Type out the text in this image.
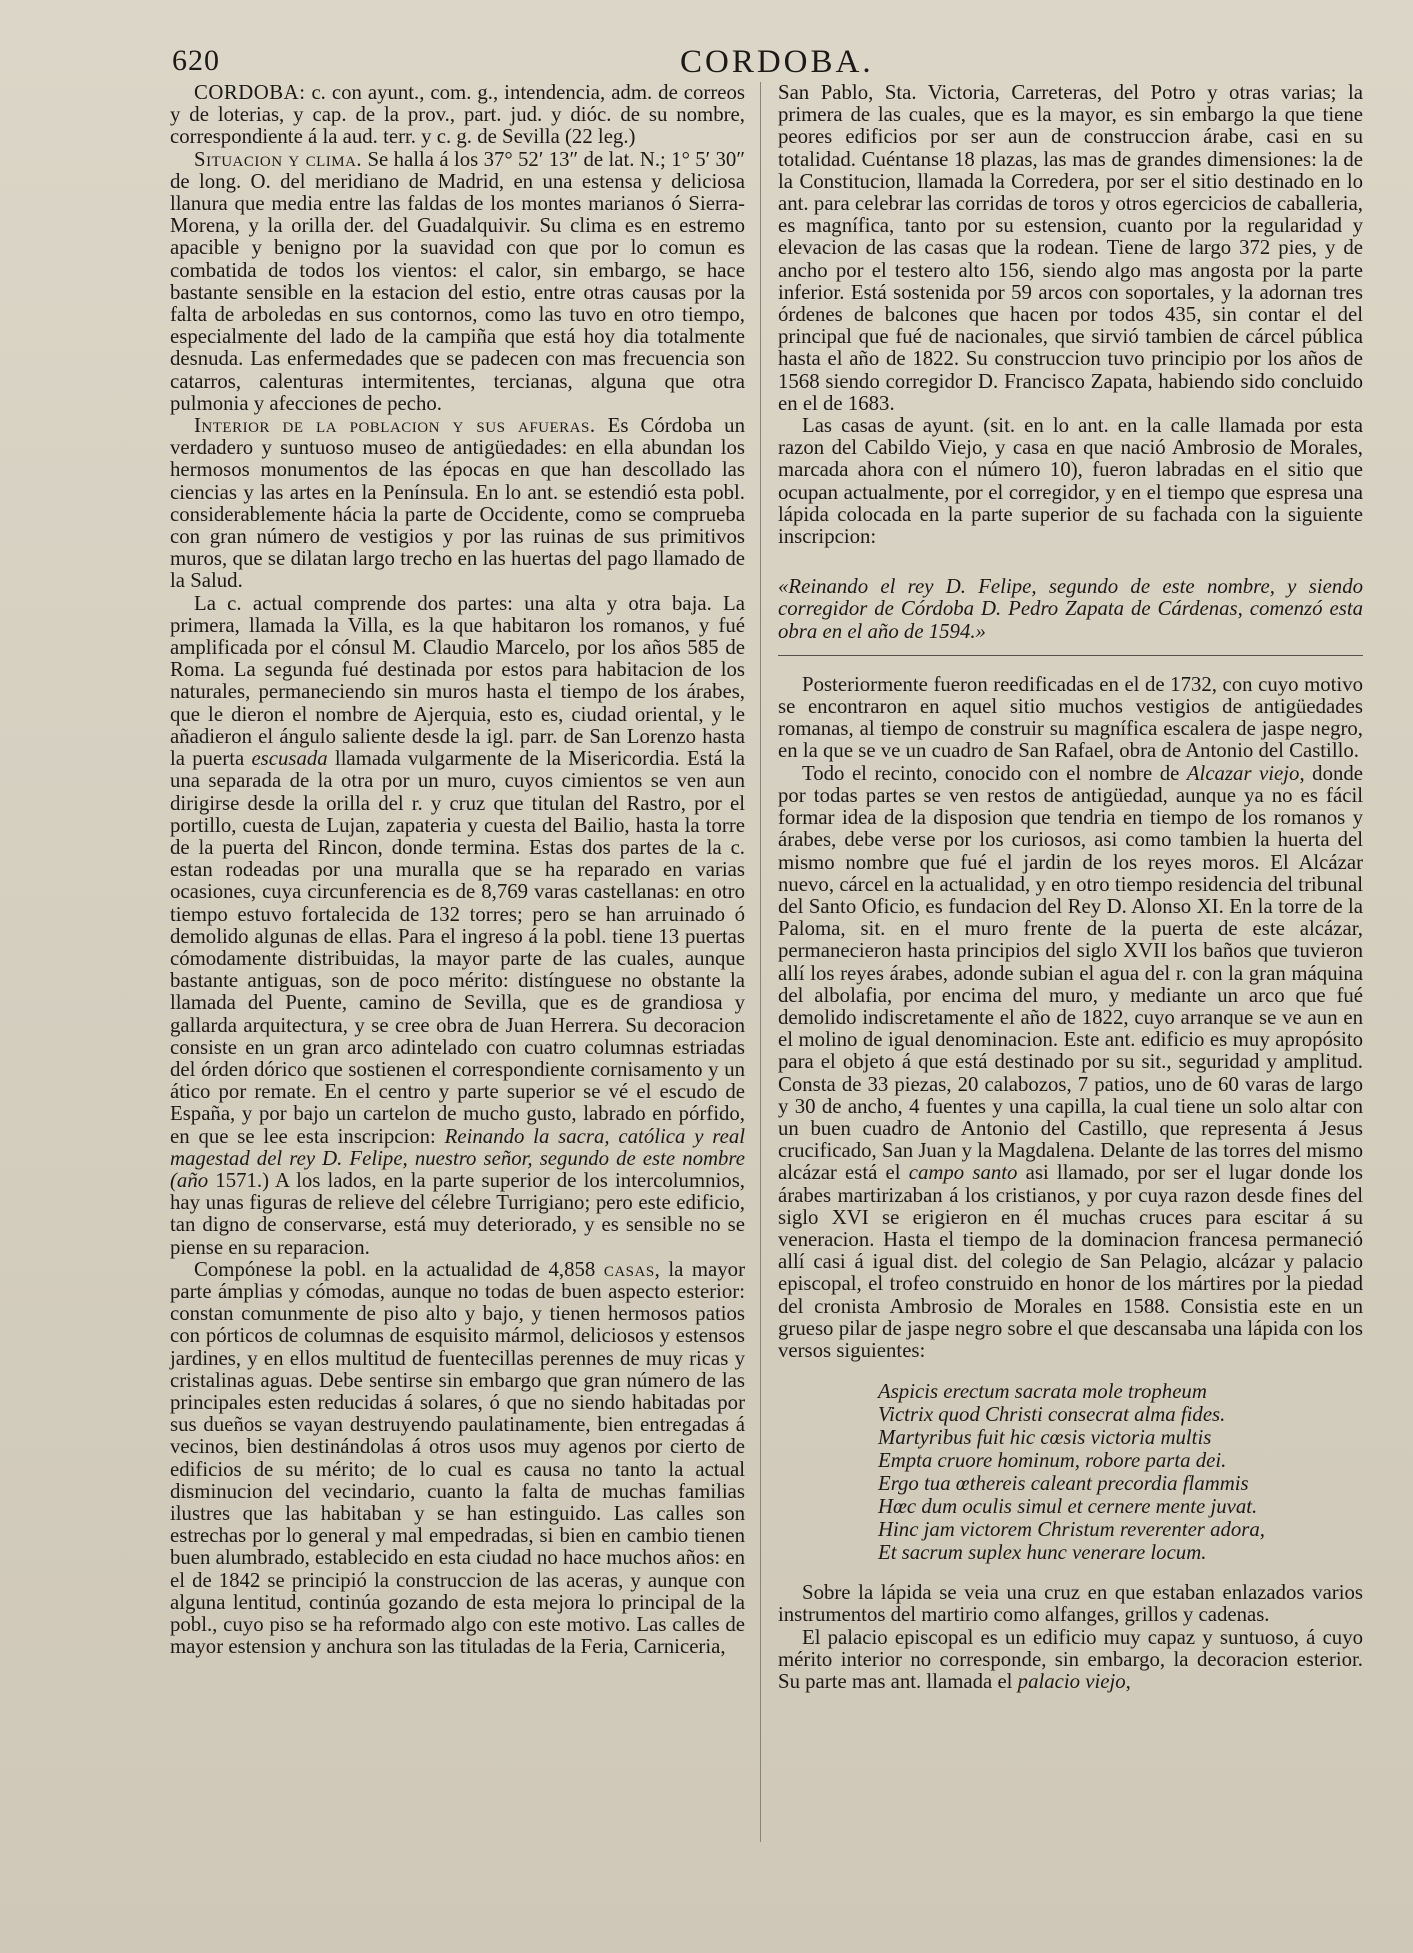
620	CORDOBA.

CORDOBA: c. con ayunt., com. g., intendencia, adm. de correos y de loterias, y cap. de la prov., part. jud. y dióc. de su nombre, correspondiente á la aud. terr. y c. g. de Sevilla (22 leg.)

Situacion y clima. Se halla á los 37° 52′ 13″ de lat. N.; 1° 5′ 30″ de long. O. del meridiano de Madrid, en una estensa y deliciosa llanura que media entre las faldas de los montes marianos ó Sierra-Morena, y la orilla der. del Guadalquivir. Su clima es en estremo apacible y benigno por la suavidad con que por lo comun es combatida de todos los vientos: el calor, sin embargo, se hace bastante sensible en la estacion del estio, entre otras causas por la falta de arboledas en sus contornos, como las tuvo en otro tiempo, especialmente del lado de la campiña que está hoy dia totalmente desnuda. Las enfermedades que se padecen con mas frecuencia son catarros, calenturas intermitentes, tercianas, alguna que otra pulmonia y afecciones de pecho.

Interior de la poblacion y sus afueras. Es Córdoba un verdadero y suntuoso museo de antigüedades: en ella abundan los hermosos monumentos de las épocas en que han descollado las ciencias y las artes en la Península. En lo ant. se estendió esta pobl. considerablemente hácia la parte de Occidente, como se comprueba con gran número de vestigios y por las ruinas de sus primitivos muros, que se dilatan largo trecho en las huertas del pago llamado de la Salud.

La c. actual comprende dos partes: una alta y otra baja. La primera, llamada la Villa, es la que habitaron los romanos, y fué amplificada por el cónsul M. Claudio Marcelo, por los años 585 de Roma. La segunda fué destinada por estos para habitacion de los naturales, permaneciendo sin muros hasta el tiempo de los árabes, que le dieron el nombre de Ajerquia, esto es, ciudad oriental, y le añadieron el ángulo saliente desde la igl. parr. de San Lorenzo hasta la puerta escusada llamada vulgarmente de la Misericordia. Está la una separada de la otra por un muro, cuyos cimientos se ven aun dirigirse desde la orilla del r. y cruz que titulan del Rastro, por el portillo, cuesta de Lujan, zapateria y cuesta del Bailio, hasta la torre de la puerta del Rincon, donde termina. Estas dos partes de la c. estan rodeadas por una muralla que se ha reparado en varias ocasiones, cuya circunferencia es de 8,769 varas castellanas: en otro tiempo estuvo fortalecida de 132 torres; pero se han arruinado ó demolido algunas de ellas. Para el ingreso á la pobl. tiene 13 puertas cómodamente distribuidas, la mayor parte de las cuales, aunque bastante antiguas, son de poco mérito: distínguese no obstante la llamada del Puente, camino de Sevilla, que es de grandiosa y gallarda arquitectura, y se cree obra de Juan Herrera. Su decoracion consiste en un gran arco adintelado con cuatro columnas estriadas del órden dórico que sostienen el correspondiente cornisamento y un ático por remate. En el centro y parte superior se vé el escudo de España, y por bajo un cartelon de mucho gusto, labrado en pórfido, en que se lee esta inscripcion: Reinando la sacra, católica y real magestad del rey D. Felipe, nuestro señor, segundo de este nombre (año 1571.) A los lados, en la parte superior de los intercolumnios, hay unas figuras de relieve del célebre Turrigiano; pero este edificio, tan digno de conservarse, está muy deteriorado, y es sensible no se piense en su reparacion.

Compónese la pobl. en la actualidad de 4,858 casas, la mayor parte ámplias y cómodas, aunque no todas de buen aspecto esterior: constan comunmente de piso alto y bajo, y tienen hermosos patios con pórticos de columnas de esquisito mármol, deliciosos y estensos jardines, y en ellos multitud de fuentecillas perennes de muy ricas y cristalinas aguas. Debe sentirse sin embargo que gran número de las principales esten reducidas á solares, ó que no siendo habitadas por sus dueños se vayan destruyendo paulatinamente, bien entregadas á vecinos, bien destinándolas á otros usos muy agenos por cierto de edificios de su mérito; de lo cual es causa no tanto la actual disminucion del vecindario, cuanto la falta de muchas familias ilustres que las habitaban y se han estinguido. Las calles son estrechas por lo general y mal empedradas, si bien en cambio tienen buen alumbrado, establecido en esta ciudad no hace muchos años: en el de 1842 se principió la construccion de las aceras, y aunque con alguna lentitud, continúa gozando de esta mejora lo principal de la pobl., cuyo piso se ha reformado algo con este motivo. Las calles de mayor estension y anchura son las tituladas de la Feria, Carniceria,

San Pablo, Sta. Victoria, Carreteras, del Potro y otras varias; la primera de las cuales, que es la mayor, es sin embargo la que tiene peores edificios por ser aun de construccion árabe, casi en su totalidad. Cuéntanse 18 plazas, las mas de grandes dimensiones: la de la Constitucion, llamada la Corredera, por ser el sitio destinado en lo ant. para celebrar las corridas de toros y otros egercicios de caballeria, es magnífica, tanto por su estension, cuanto por la regularidad y elevacion de las casas que la rodean. Tiene de largo 372 pies, y de ancho por el testero alto 156, siendo algo mas angosta por la parte inferior. Está sostenida por 59 arcos con soportales, y la adornan tres órdenes de balcones que hacen por todos 435, sin contar el del principal que fué de nacionales, que sirvió tambien de cárcel pública hasta el año de 1822. Su construccion tuvo principio por los años de 1568 siendo corregidor D. Francisco Zapata, habiendo sido concluido en el de 1683.

Las casas de ayunt. (sit. en lo ant. en la calle llamada por esta razon del Cabildo Viejo, y casa en que nació Ambrosio de Morales, marcada ahora con el número 10), fueron labradas en el sitio que ocupan actualmente, por el corregidor, y en el tiempo que espresa una lápida colocada en la parte superior de su fachada con la siguiente inscripcion:

«Reinando el rey D. Felipe, segundo de este nombre, y siendo corregidor de Córdoba D. Pedro Zapata de Cárdenas, comenzó esta obra en el año de 1594.»

Posteriormente fueron reedificadas en el de 1732, con cuyo motivo se encontraron en aquel sitio muchos vestigios de antigüedades romanas, al tiempo de construir su magnífica escalera de jaspe negro, en la que se ve un cuadro de San Rafael, obra de Antonio del Castillo.

Todo el recinto, conocido con el nombre de Alcazar viejo, donde por todas partes se ven restos de antigüedad, aunque ya no es fácil formar idea de la disposion que tendria en tiempo de los romanos y árabes, debe verse por los curiosos, asi como tambien la huerta del mismo nombre que fué el jardin de los reyes moros. El Alcázar nuevo, cárcel en la actualidad, y en otro tiempo residencia del tribunal del Santo Oficio, es fundacion del Rey D. Alonso XI. En la torre de la Paloma, sit. en el muro frente de la puerta de este alcázar, permanecieron hasta principios del siglo XVII los baños que tuvieron allí los reyes árabes, adonde subian el agua del r. con la gran máquina del albolafia, por encima del muro, y mediante un arco que fué demolido indiscretamente el año de 1822, cuyo arranque se ve aun en el molino de igual denominacion. Este ant. edificio es muy apropósito para el objeto á que está destinado por su sit., seguridad y amplitud. Consta de 33 piezas, 20 calabozos, 7 patios, uno de 60 varas de largo y 30 de ancho, 4 fuentes y una capilla, la cual tiene un solo altar con un buen cuadro de Antonio del Castillo, que representa á Jesus crucificado, San Juan y la Magdalena. Delante de las torres del mismo alcázar está el campo santo asi llamado, por ser el lugar donde los árabes martirizaban á los cristianos, y por cuya razon desde fines del siglo XVI se erigieron en él muchas cruces para escitar á su veneracion. Hasta el tiempo de la dominacion francesa permaneció allí casi á igual dist. del colegio de San Pelagio, alcázar y palacio episcopal, el trofeo construido en honor de los mártires por la piedad del cronista Ambrosio de Morales en 1588. Consistia este en un grueso pilar de jaspe negro sobre el que descansaba una lápida con los versos siguientes:

Aspicis erectum sacrata mole tropheum
Victrix quod Christi consecrat alma fides.
Martyribus fuit hic cœsis victoria multis
Empta cruore hominum, robore parta dei.
Ergo tua œthereis caleant precordia flammis
Hœc dum oculis simul et cernere mente juvat.
Hinc jam victorem Christum reverenter adora,
Et sacrum suplex hunc venerare locum.

Sobre la lápida se veia una cruz en que estaban enlazados varios instrumentos del martirio como alfanges, grillos y cadenas.

El palacio episcopal es un edificio muy capaz y suntuoso, á cuyo mérito interior no corresponde, sin embargo, la decoracion esterior. Su parte mas ant. llamada el palacio viejo,
